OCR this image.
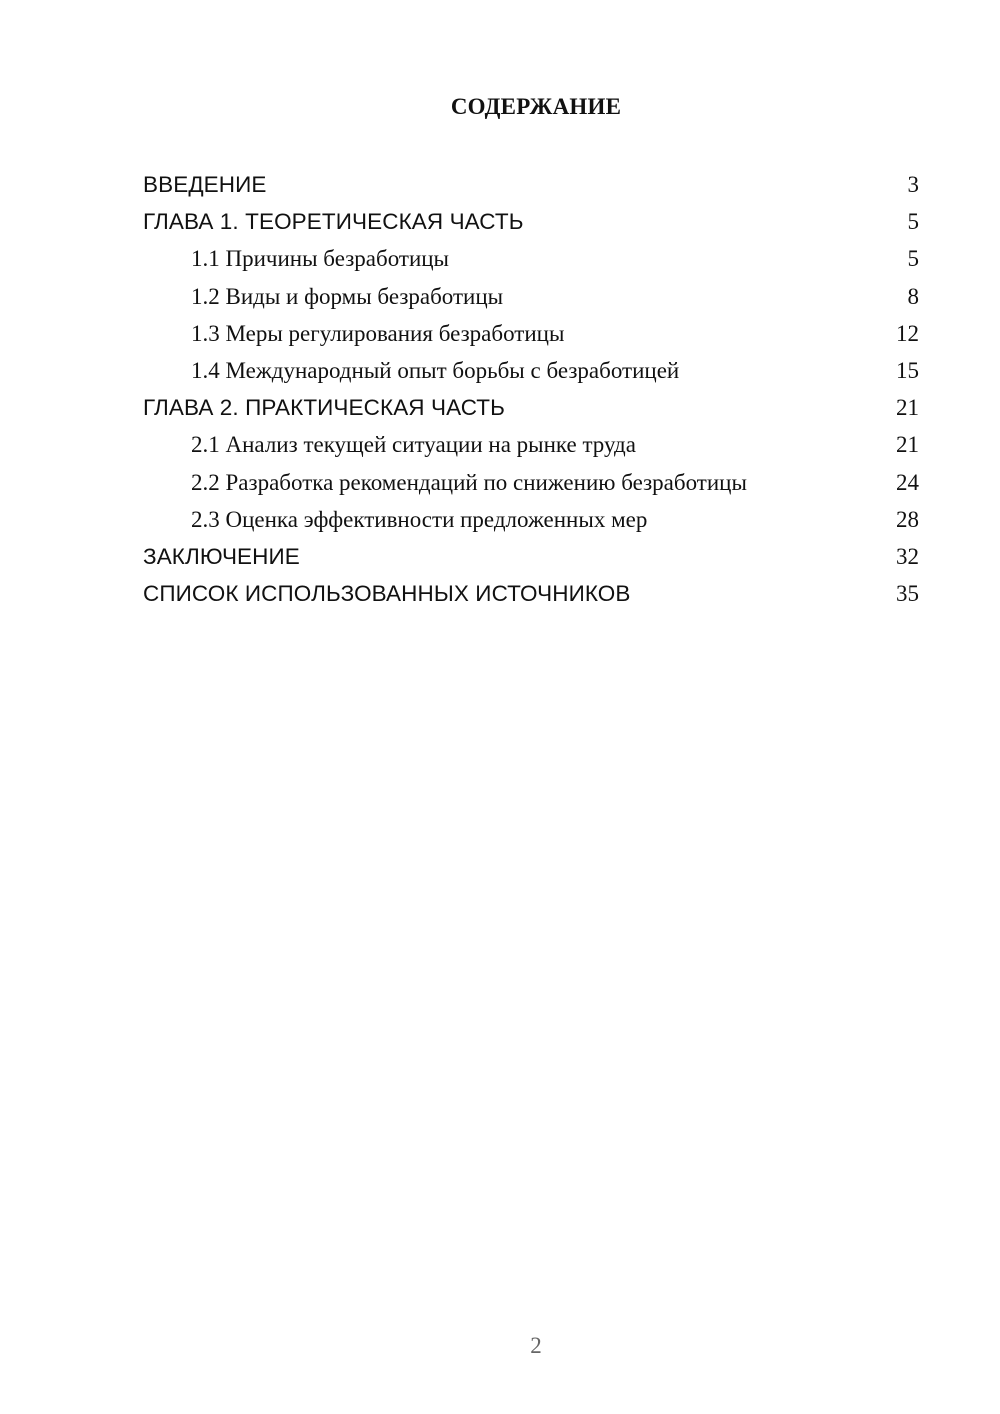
СОДЕРЖАНИЕ
ВВЕДЕНИЕ	3
ГЛАВА 1. ТЕОРЕТИЧЕСКАЯ ЧАСТЬ	5
1.1 Причины безработицы	5
1.2 Виды и формы безработицы	8
1.3 Меры регулирования безработицы	12
1.4 Международный опыт борьбы с безработицей	15
ГЛАВА 2. ПРАКТИЧЕСКАЯ ЧАСТЬ	21
2.1 Анализ текущей ситуации на рынке труда	21
2.2 Разработка рекомендаций по снижению безработицы	24
2.3 Оценка эффективности предложенных мер	28
ЗАКЛЮЧЕНИЕ	32
СПИСОК ИСПОЛЬЗОВАННЫХ ИСТОЧНИКОВ	35
2
